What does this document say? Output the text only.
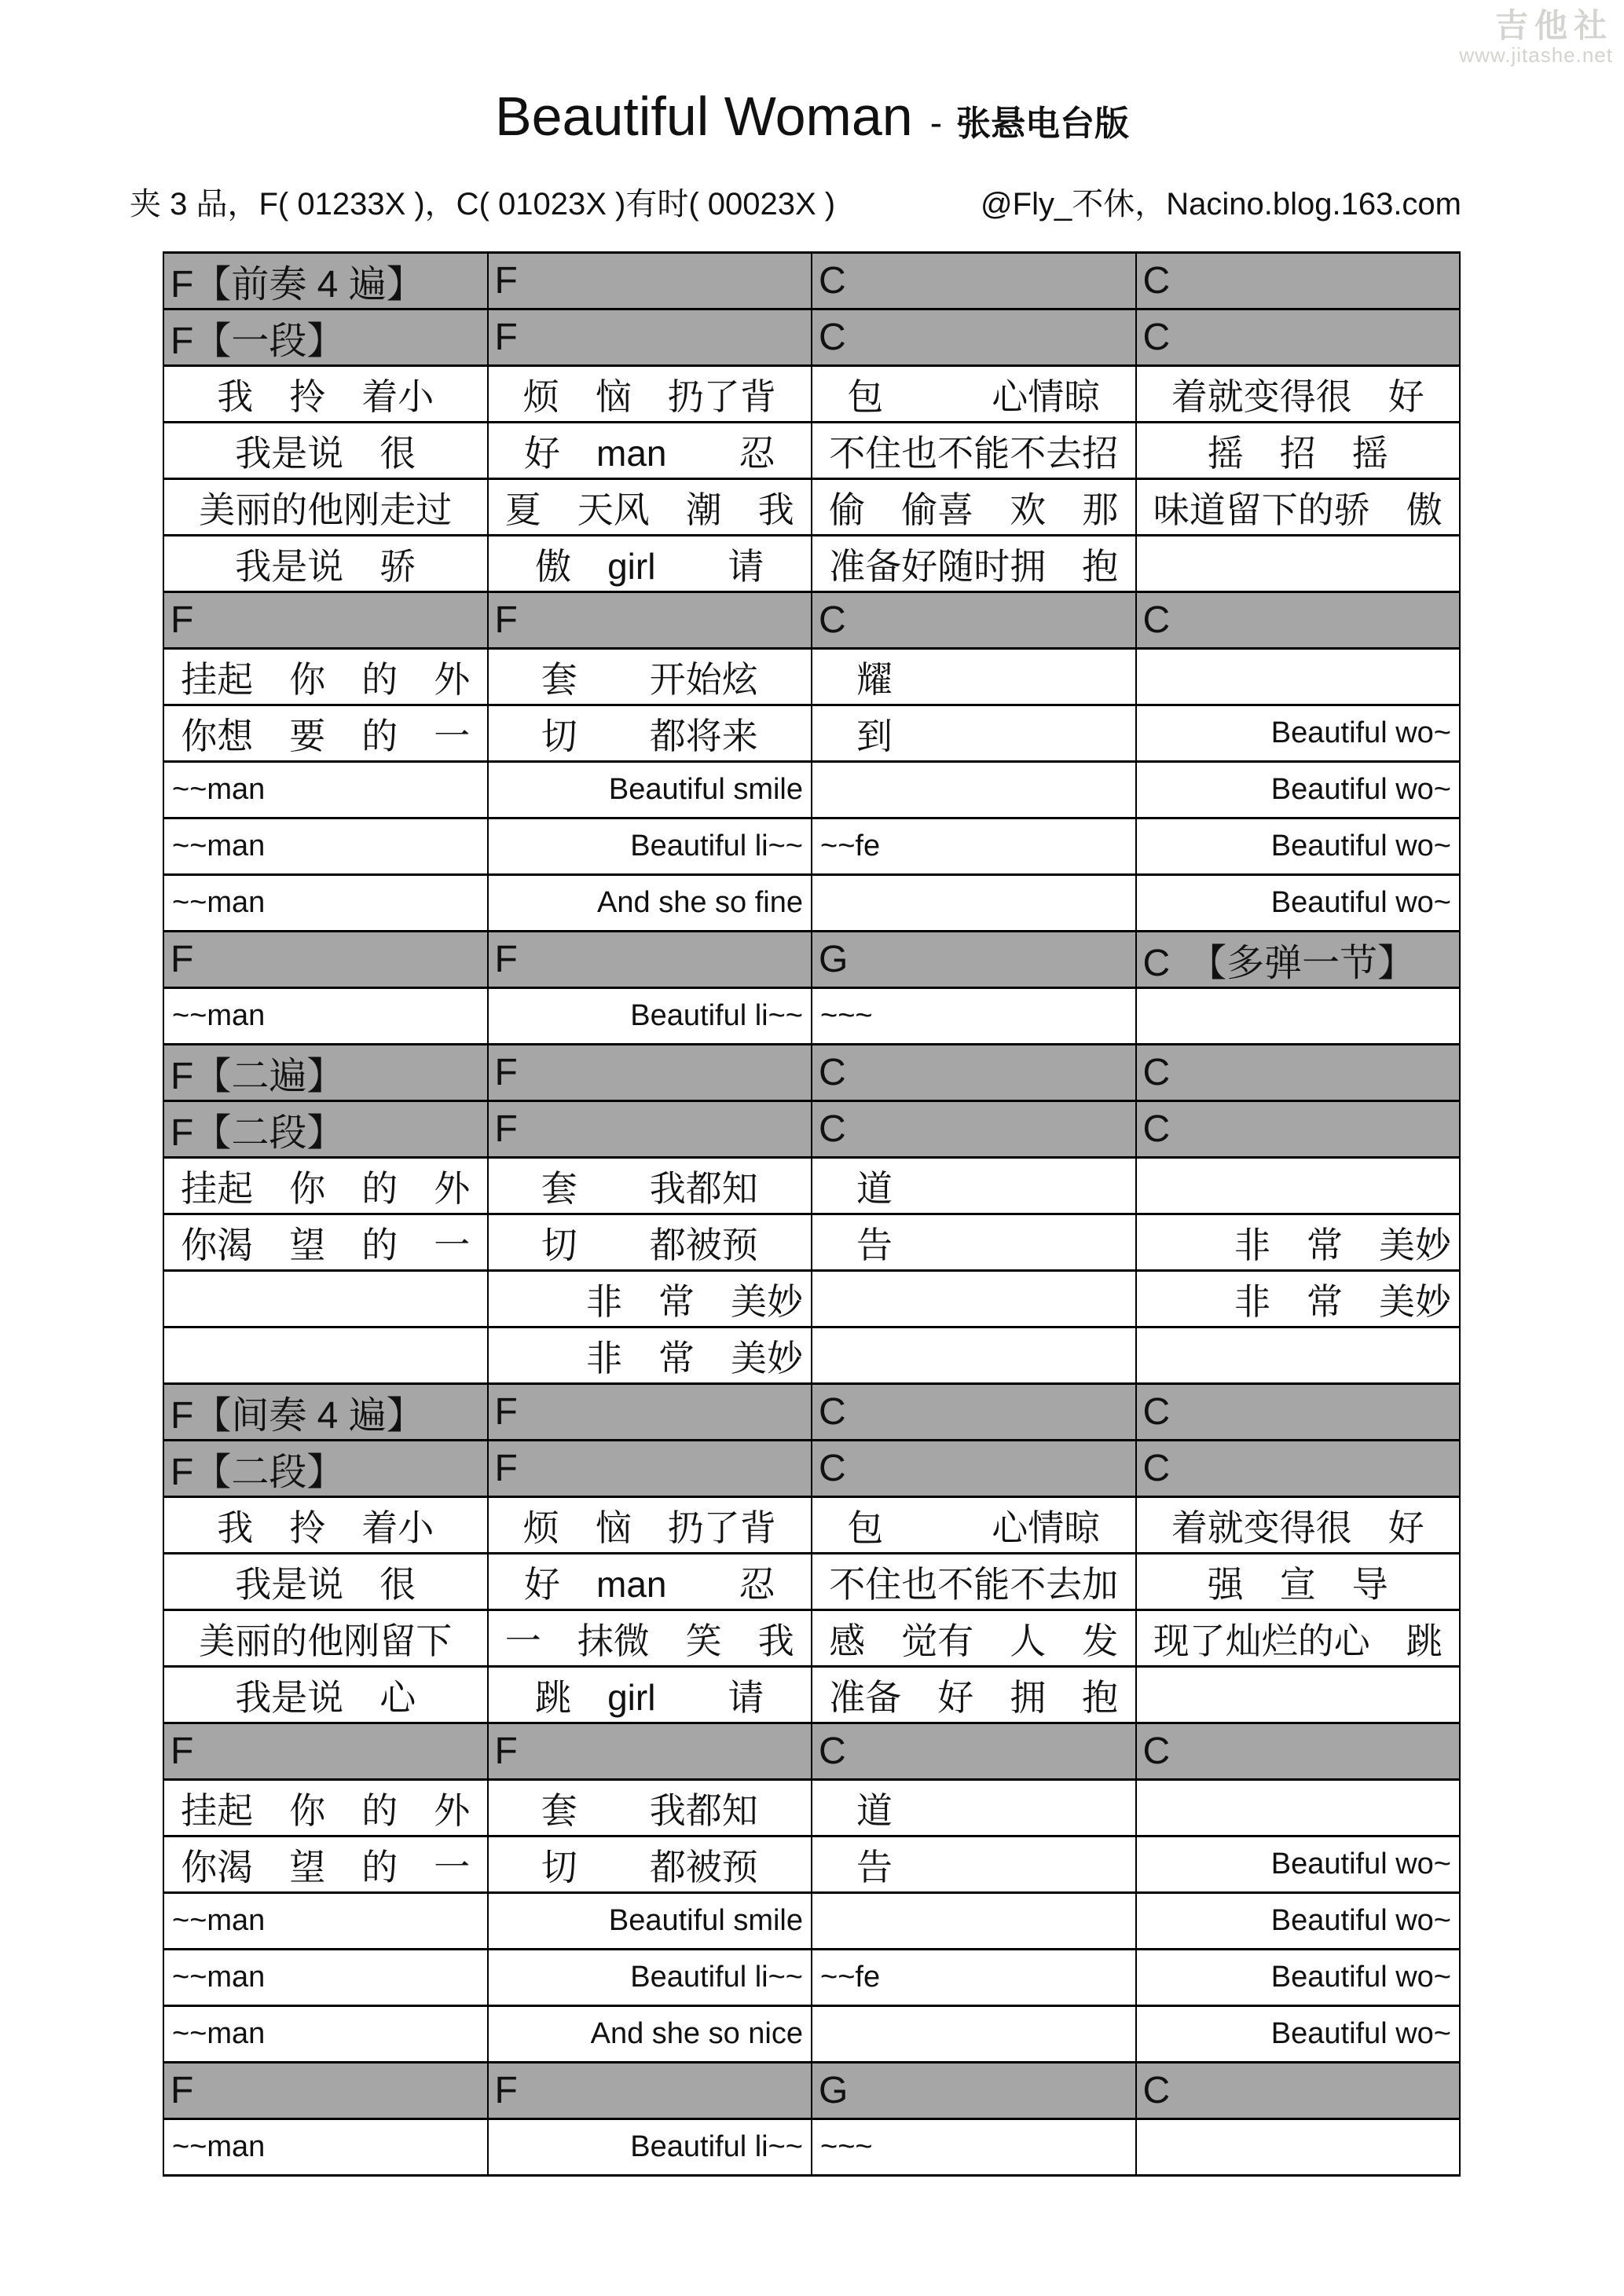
吉他社
www.jitashe.net
Beautiful Woman - 张悬电台版
夹 3 品，F( 01233X )，C( 01023X )有时( 00023X )	@Fly_不休，Nacino.blog.163.com
F【前奏 4 遍】	F	C	C
F【一段】	F	C	C
我　拎　着小	烦　恼　扔了背	包　　　心情晾	着就变得很　好
我是说　很	好　man　　忍	不住也不能不去招	摇　招　摇
美丽的他刚走过	夏　天风　潮　我	偷　偷喜　欢　那	味道留下的骄　傲
我是说　骄	傲　girl　　请	准备好随时拥　抱	
F	F	C	C
挂起　你　的　外	套　　开始炫	　耀	
你想　要　的　一	切　　都将来	　到	Beautiful wo~
~~man	Beautiful smile		Beautiful wo~
~~man	Beautiful li~~	~~fe	Beautiful wo~
~~man	And she so fine		Beautiful wo~
F	F	G	C　【多弹一节】
~~man	Beautiful li~~	~~~	
F【二遍】	F	C	C
F【二段】	F	C	C
挂起　你　的　外	套　　我都知	　道	
你渴　望　的　一	切　　都被预	　告	非　常　美妙
	非　常　美妙		非　常　美妙
	非　常　美妙		
F【间奏 4 遍】	F	C	C
F【二段】	F	C	C
我　拎　着小	烦　恼　扔了背	包　　　心情晾	着就变得很　好
我是说　很	好　man　　忍	不住也不能不去加	强　宣　导
美丽的他刚留下	一　抹微　笑　我	感　觉有　人　发	现了灿烂的心　跳
我是说　心	跳　girl　　请	准备　好　拥　抱	
F	F	C	C
挂起　你　的　外	套　　我都知	　道	
你渴　望　的　一	切　　都被预	　告	Beautiful wo~
~~man	Beautiful smile		Beautiful wo~
~~man	Beautiful li~~	~~fe	Beautiful wo~
~~man	And she so nice		Beautiful wo~
F	F	G	C
~~man	Beautiful li~~	~~~	
